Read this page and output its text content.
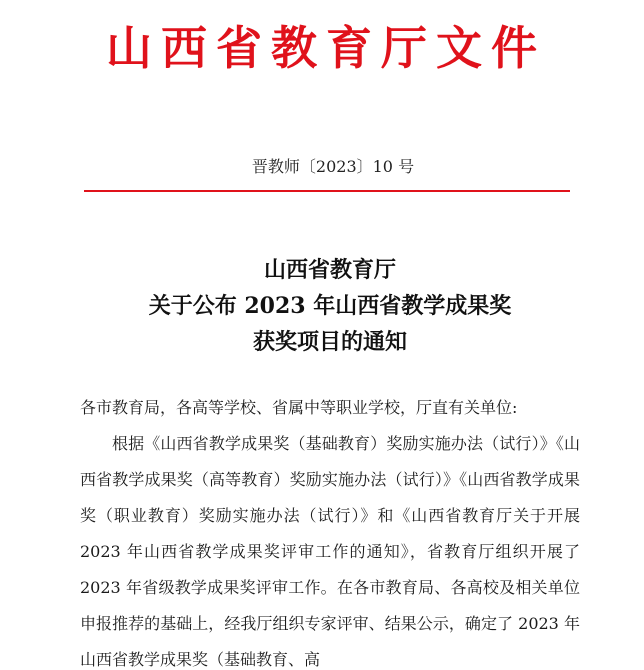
山西省教育厅文件
晋教师〔2023〕10 号
山西省教育厅
关于公布 2023 年山西省教学成果奖
获奖项目的通知
各市教育局，各高等学校、省属中等职业学校，厅直有关单位:
根据《山西省教学成果奖（基础教育）奖励实施办法（试行）》《山西省教学成果奖（高等教育）奖励实施办法（试行）》《山西省教学成果奖（职业教育）奖励实施办法（试行）》和《山西省教育厅关于开展 2023 年山西省教学成果奖评审工作的通知》，省教育厅组织开展了 2023 年省级教学成果奖评审工作。在各市教育局、各高校及相关单位申报推荐的基础上，经我厅组织专家评审、结果公示，确定了 2023 年山西省教学成果奖（基础教育、高
